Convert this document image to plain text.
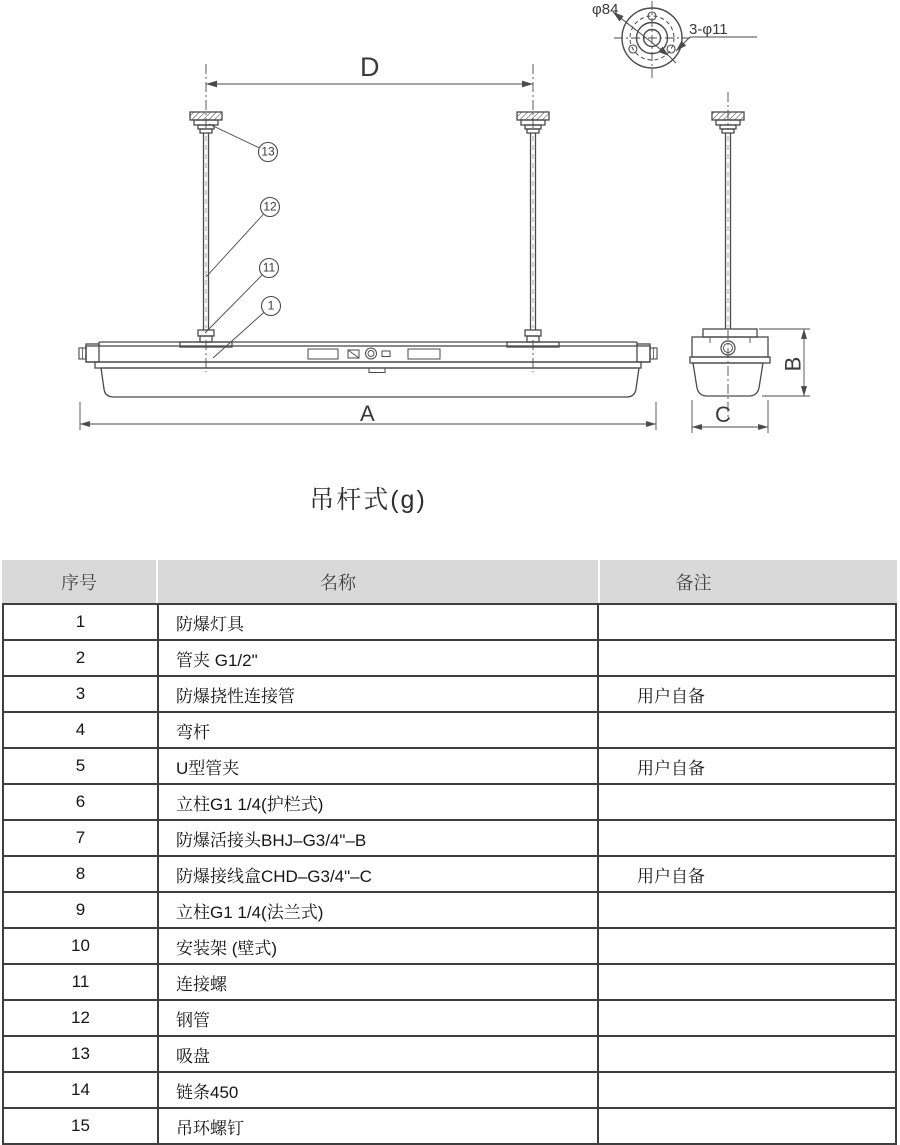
φ84
3-φ11
D
A
B
C
13
12
11
1
吊杆式(g)
序号	名称	备注
1	防爆灯具
2	管夹 G1/2"
3	防爆挠性连接管	用户自备
4	弯杆
5	U型管夹	用户自备
6	立柱G1 1/4(护栏式)
7	防爆活接头BHJ–G3/4"–B
8	防爆接线盒CHD–G3/4"–C	用户自备
9	立柱G1 1/4(法兰式)
10	安装架 (壁式)
11	连接螺
12	钢管
13	吸盘
14	链条450
15	吊环螺钉
